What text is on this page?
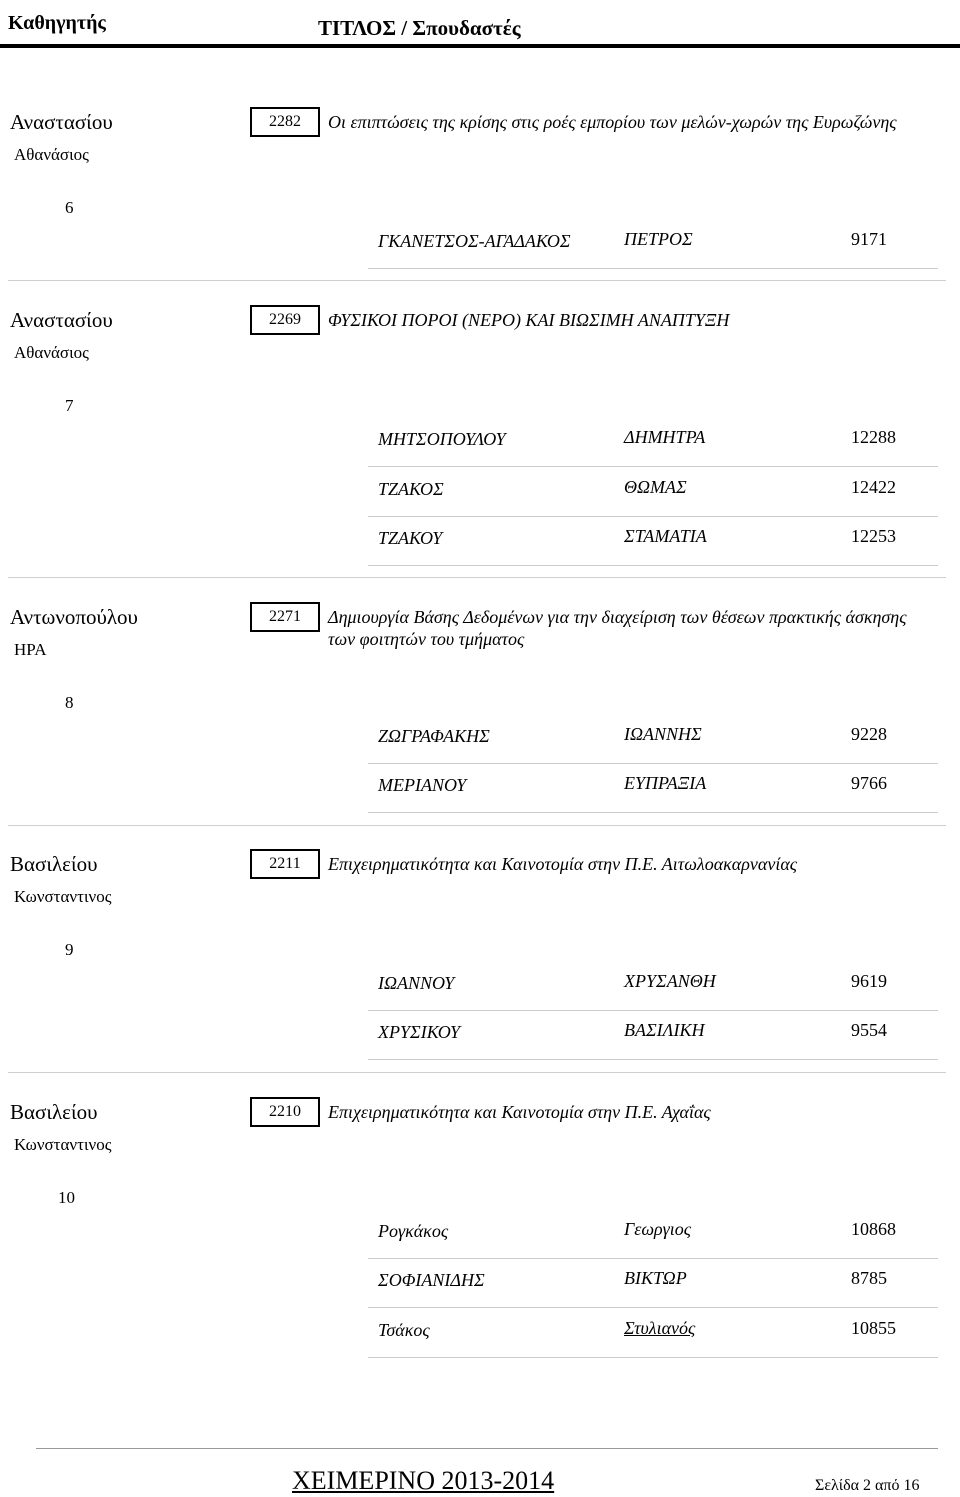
Καθηγητής	ΤΙΤΛΟΣ / Σπουδαστές
Αναστασίου
Αθανάσιος
2282	Οι επιπτώσεις της κρίσης στις ροές εμπορίου των μελών-χωρών της Ευρωζώνης
6
ΓΚΑΝΕΤΣΟΣ-ΑΓΑΔΑΚΟΣ	ΠΕΤΡΟΣ	9171
Αναστασίου
Αθανάσιος
2269	ΦΥΣΙΚΟΙ ΠΟΡΟΙ (ΝΕΡΟ) ΚΑΙ ΒΙΩΣΙΜΗ ΑΝΑΠΤΥΞΗ
7
ΜΗΤΣΟΠΟΥΛΟΥ	ΔΗΜΗΤΡΑ	12288
ΤΖΑΚΟΣ	ΘΩΜΑΣ	12422
ΤΖΑΚΟΥ	ΣΤΑΜΑΤΙΑ	12253
Αντωνοπούλου
ΗΡΑ
2271	Δημιουργία Βάσης Δεδομένων για την διαχείριση των θέσεων πρακτικής άσκησης των φοιτητών του τμήματος
8
ΖΩΓΡΑΦΑΚΗΣ	ΙΩΑΝΝΗΣ	9228
ΜΕΡΙΑΝΟΥ	ΕΥΠΡΑΞΙΑ	9766
Βασιλείου
Κωνσταντινος
2211	Επιχειρηματικότητα και Καινοτομία στην Π.Ε. Αιτωλοακαρνανίας
9
ΙΩΑΝΝΟΥ	ΧΡΥΣΑΝΘΗ	9619
ΧΡΥΣΙΚΟΥ	ΒΑΣΙΛΙΚΗ	9554
Βασιλείου
Κωνσταντινος
2210	Επιχειρηματικότητα και Καινοτομία στην Π.Ε. Αχαΐας
10
Ρογκάκος	Γεωργιος	10868
ΣΟΦΙΑΝΙΔΗΣ	ΒΙΚΤΩΡ	8785
Τσάκος	Στυλιανός	10855
ΧΕΙΜΕΡΙΝΟ 2013-2014	Σελίδα 2 από 16
